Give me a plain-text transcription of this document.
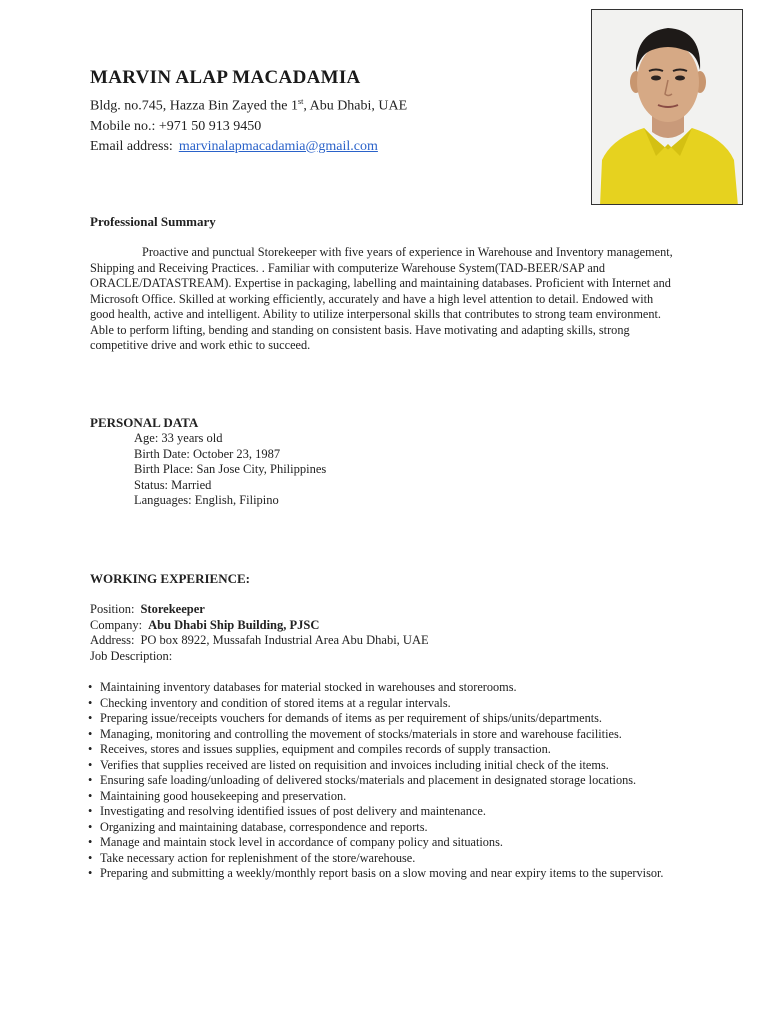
MARVIN ALAP MACADAMIA
Bldg. no.745, Hazza Bin Zayed the 1st, Abu Dhabi, UAE
Mobile no.: +971 50 913 9450
Email address: marvinalapmacadamia@gmail.com
Professional Summary

Proactive and punctual Storekeeper with five years of experience in Warehouse and Inventory management, Shipping and Receiving Practices. . Familiar with computerize Warehouse System(TAD-BEER/SAP and ORACLE/DATASTREAM). Expertise in packaging, labelling and maintaining databases. Proficient with Internet and Microsoft Office. Skilled at working efficiently, accurately and have a high level attention to detail. Endowed with good health, active and intelligent. Ability to utilize interpersonal skills that contributes to strong team environment. Able to perform lifting, bending and standing on consistent basis. Have motivating and adapting skills, strong competitive drive and work ethic to succeed.

PERSONAL DATA
Age: 33 years old
Birth Date: October 23, 1987
Birth Place: San Jose City, Philippines
Status: Married
Languages: English, Filipino
WORKING EXPERIENCE:
Position: Storekeeper
Company: Abu Dhabi Ship Building, PJSC
Address: PO box 8922, Mussafah Industrial Area Abu Dhabi, UAE
Job Description:
• Maintaining inventory databases for material stocked in warehouses and storerooms.
• Checking inventory and condition of stored items at a regular intervals.
• Preparing issue/receipts vouchers for demands of items as per requirement of ships/units/departments.
• Managing, monitoring and controlling the movement of stocks/materials in store and warehouse facilities.
• Receives, stores and issues supplies, equipment and compiles records of supply transaction.
• Verifies that supplies received are listed on requisition and invoices including initial check of the items.
• Ensuring safe loading/unloading of delivered stocks/materials and placement in designated storage locations.
• Maintaining good housekeeping and preservation.
• Investigating and resolving identified issues of post delivery and maintenance.
• Organizing and maintaining database, correspondence and reports.
• Manage and maintain stock level in accordance of company policy and situations.
• Take necessary action for replenishment of the store/warehouse.
• Preparing and submitting a weekly/monthly report basis on a slow moving and near expiry items to the supervisor.
